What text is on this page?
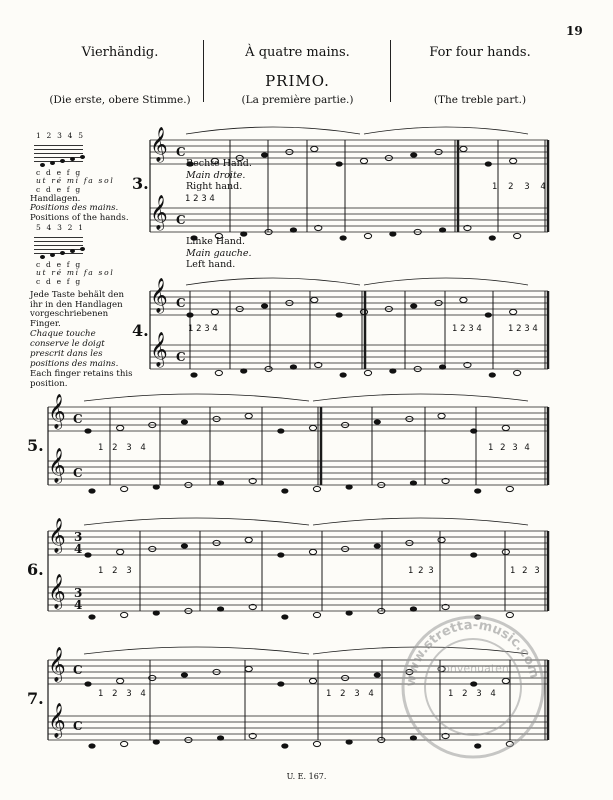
19
Vierhändig.	À quatre mains.	For four hands.
PRIMO.
(Die erste, obere Stimme.)	(La première partie.)	(The treble part.)
1 2 3 4 5
c d e f g
ut ré mi fa sol
c d e f g
Handlagen.
Positions des mains.
Positions of the hands.
5 4 3 2 1
c d e f g
ut ré mi fa sol
c d e f g
Jede Taste behält den ihr in den Handlagen vorgeschriebenen Finger.
Chaque touche conserve le doigt prescrit dans les positions des mains.
Each finger retains this position.
3.
4.
5.
6.
7.
𝄞
𝄞
𝄞
𝄞
𝄞
𝄞
𝄞
𝄞
𝄞
𝄞
C
C
C
C
C
C
3
4
3
4
C
C
Rechte Hand.
Main droite.
Right hand.
Linke Hand.
Main gauche.
Left hand.
1 2 3 4
1 2 3 4
1 2 3 4	1 2 3 4	1 2 3 4
1 2 3 4	1 2 3 4
1 2 3	1 2 3	1 2 3
1 2 3 4	1 2 3 4	1 2 3 4
www.stretta-music.com
convenuaten
U. E. 167.
